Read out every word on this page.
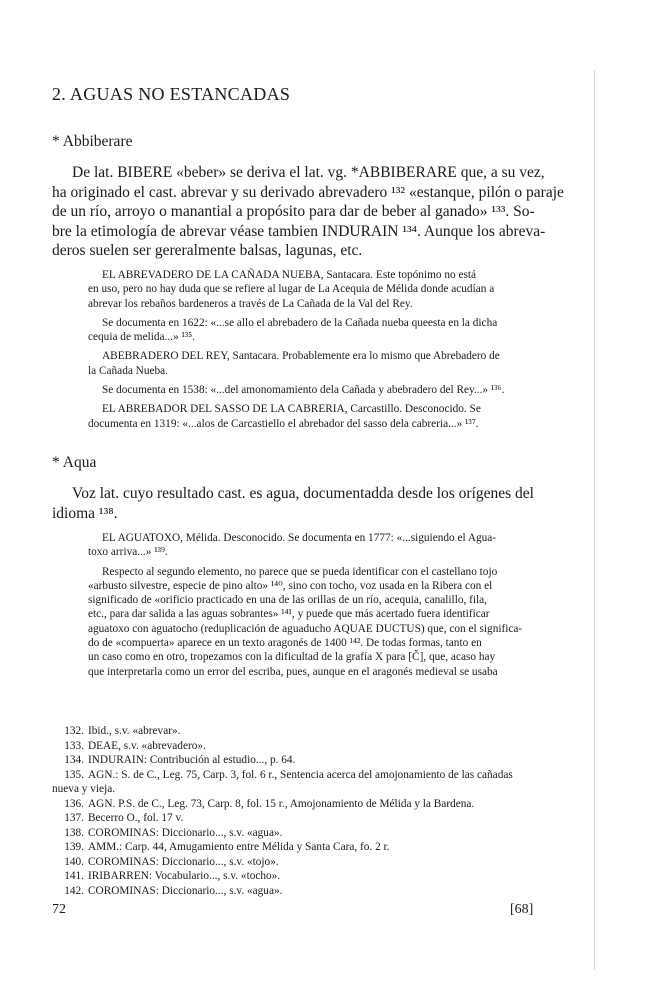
2. AGUAS NO ESTANCADAS
* Abbiberare
De lat. BIBERE «beber» se deriva el lat. vg. *ABBIBERARE que, a su vez,
ha originado el cast. abrevar y su derivado abrevadero ¹³² «estanque, pilón o paraje
de un río, arroyo o manantial a propósito para dar de beber al ganado» ¹³³. So-
bre la etimología de abrevar véase tambien INDURAIN ¹³⁴. Aunque los abreva-
deros suelen ser gereralmente balsas, lagunas, etc.
EL ABREVADERO DE LA CAÑADA NUEBA, Santacara. Este topónimo no está
en uso, pero no hay duda que se refiere al lugar de La Acequia de Mélida donde acudían a
abrevar los rebaños bardeneros a través de La Cañada de la Val del Rey.
Se documenta en 1622: «...se allo el abrebadero de la Cañada nueba queesta en la dicha
cequia de melida...» ¹³⁵.
ABEBRADERO DEL REY, Santacara. Probablemente era lo mismo que Abrebadero de
la Cañada Nueba.
Se documenta en 1538: «...del amonomamiento dela Cañada y abebradero del Rey...» ¹³⁶.
EL ABREBADOR DEL SASSO DE LA CABRERIA, Carcastillo. Desconocido. Se
documenta en 1319: «...alos de Carcastiello el abrebador del sasso dela cabreria...» ¹³⁷.
* Aqua
Voz lat. cuyo resultado cast. es agua, documentadda desde los orígenes del
idioma ¹³⁸.
EL AGUATOXO, Mélida. Desconocido. Se documenta en 1777: «...siguiendo el Agua-
toxo arriva...» ¹³⁹.
Respecto al segundo elemento, no parece que se pueda identificar con el castellano tojo
«arbusto silvestre, especie de pino alto» ¹⁴⁰, sino con tocho, voz usada en la Ribera con el
significado de «orificio practicado en una de las orillas de un río, acequia, canalillo, fila,
etc., para dar salida a las aguas sobrantes» ¹⁴¹, y puede que más acertado fuera identificar
aguatoxo con aguatocho (reduplicación de aguaducho AQUAE DUCTUS) que, con el significa-
do de «compuerta» aparece en un texto aragonés de 1400 ¹⁴². De todas formas, tanto en
un caso como en otro, tropezamos con la dificultad de la grafía X para [Č], que, acaso hay
que interpretarla como un error del escriba, pues, aunque en el aragonés medieval se usaba
132. Ibid., s.v. «abrevar».
133. DEAE, s.v. «abrevadero».
134. INDURAIN: Contribución al estudio..., p. 64.
135. AGN.: S. de C., Leg. 75, Carp. 3, fol. 6 r., Sentencia acerca del amojonamiento de las cañadas
nueva y vieja.
136. AGN. P.S. de C., Leg. 73, Carp. 8, fol. 15 r., Amojonamiento de Mélida y la Bardena.
137. Becerro O., fol. 17 v.
138. COROMINAS: Diccionario..., s.v. «agua».
139. AMM.: Carp. 44, Amugamiento entre Mélida y Santa Cara, fo. 2 r.
140. COROMINAS: Diccionario..., s.v. «tojo».
141. IRIBARREN: Vocabulario..., s.v. «tocho».
142. COROMINAS: Diccionario..., s.v. «agua».
72	[68]
